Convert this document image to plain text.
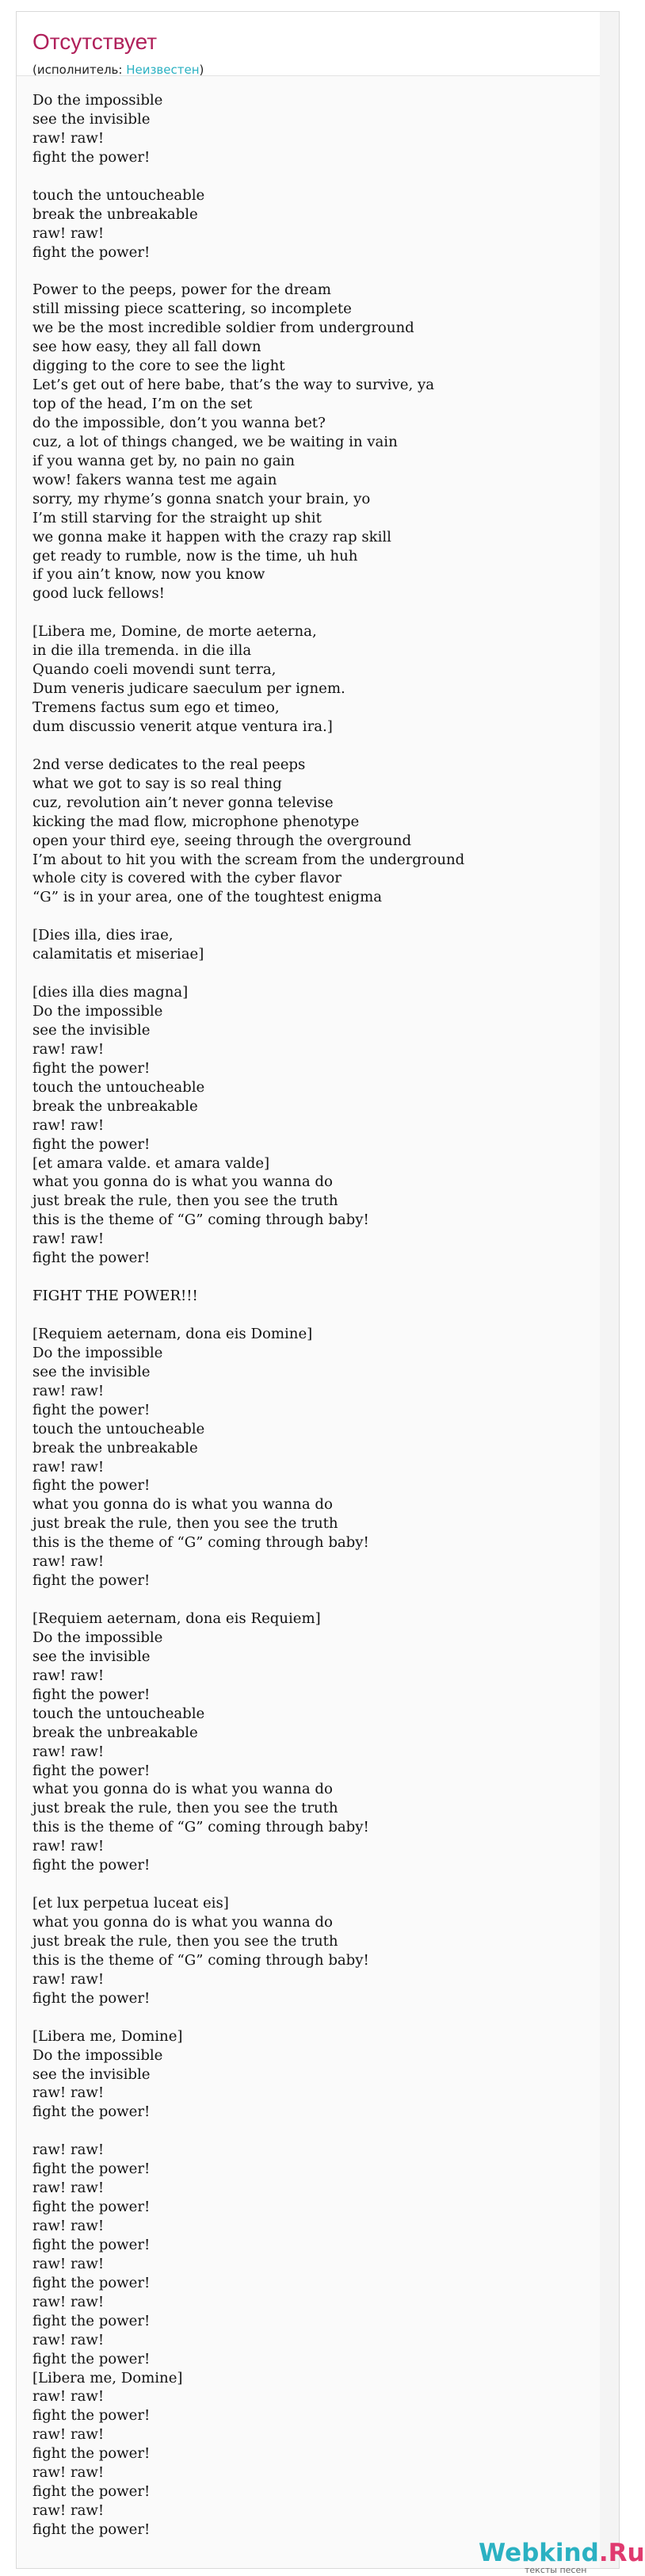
Отсутствует
(исполнитель: Неизвестен)
Do the impossible
see the invisible
raw! raw!
fight the power!
touch the untoucheable
break the unbreakable
raw! raw!
fight the power!
Power to the peeps, power for the dream
still missing piece scattering, so incomplete
we be the most incredible soldier from underground
see how easy, they all fall down
digging to the core to see the light
Let’s get out of here babe, that’s the way to survive, ya
top of the head, I’m on the set
do the impossible, don’t you wanna bet?
cuz, a lot of things changed, we be waiting in vain
if you wanna get by, no pain no gain
wow! fakers wanna test me again
sorry, my rhyme’s gonna snatch your brain, yo
I’m still starving for the straight up shit
we gonna make it happen with the crazy rap skill
get ready to rumble, now is the time, uh huh
if you ain’t know, now you know
good luck fellows!
[Libera me, Domine, de morte aeterna,
in die illa tremenda. in die illa
Quando coeli movendi sunt terra,
Dum veneris judicare saeculum per ignem.
Tremens factus sum ego et timeo,
dum discussio venerit atque ventura ira.]
2nd verse dedicates to the real peeps
what we got to say is so real thing
cuz, revolution ain’t never gonna televise
kicking the mad flow, microphone phenotype
open your third eye, seeing through the overground
I’m about to hit you with the scream from the underground
whole city is covered with the cyber flavor
“G” is in your area, one of the toughtest enigma
[Dies illa, dies irae,
calamitatis et miseriae]
[dies illa dies magna]
Do the impossible
see the invisible
raw! raw!
fight the power!
touch the untoucheable
break the unbreakable
raw! raw!
fight the power!
[et amara valde. et amara valde]
what you gonna do is what you wanna do
just break the rule, then you see the truth
this is the theme of “G” coming through baby!
raw! raw!
fight the power!
FIGHT THE POWER!!!
[Requiem aeternam, dona eis Domine]
Do the impossible
see the invisible
raw! raw!
fight the power!
touch the untoucheable
break the unbreakable
raw! raw!
fight the power!
what you gonna do is what you wanna do
just break the rule, then you see the truth
this is the theme of “G” coming through baby!
raw! raw!
fight the power!
[Requiem aeternam, dona eis Requiem]
Do the impossible
see the invisible
raw! raw!
fight the power!
touch the untoucheable
break the unbreakable
raw! raw!
fight the power!
what you gonna do is what you wanna do
just break the rule, then you see the truth
this is the theme of “G” coming through baby!
raw! raw!
fight the power!
[et lux perpetua luceat eis]
what you gonna do is what you wanna do
just break the rule, then you see the truth
this is the theme of “G” coming through baby!
raw! raw!
fight the power!
[Libera me, Domine]
Do the impossible
see the invisible
raw! raw!
fight the power!
raw! raw!
fight the power!
raw! raw!
fight the power!
raw! raw!
fight the power!
raw! raw!
fight the power!
raw! raw!
fight the power!
raw! raw!
fight the power!
[Libera me, Domine]
raw! raw!
fight the power!
raw! raw!
fight the power!
raw! raw!
fight the power!
raw! raw!
fight the power!
Webkind.Ru
тексты песен
